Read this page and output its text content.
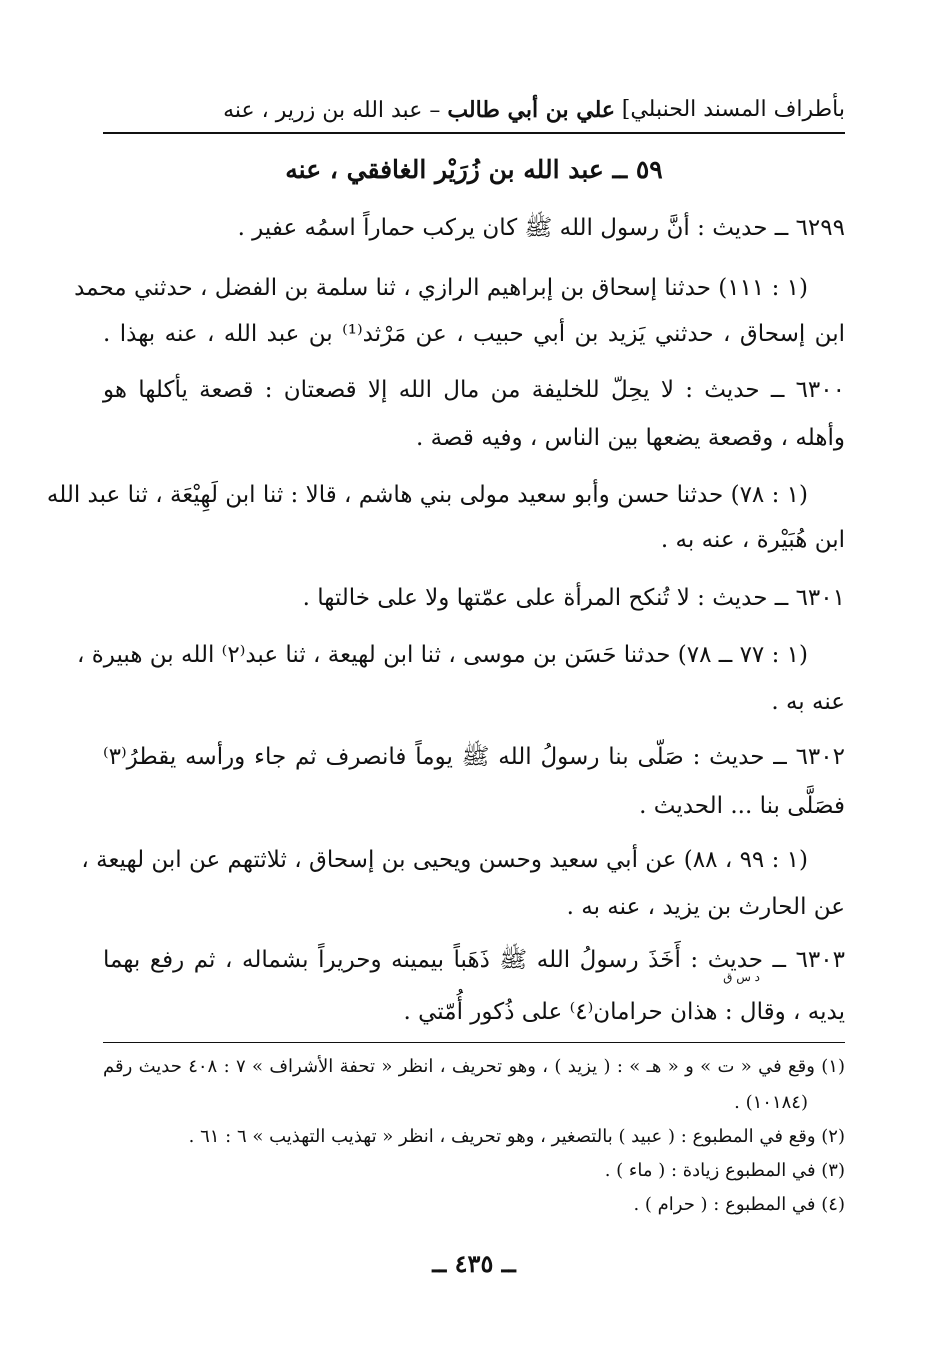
بأطراف المسند الحنبلي]
علي بن أبي طالب – عبد الله بن زرير ، عنه
٥٩ ــ عبد الله بن زُرَيْر الغافقي ، عنه
٦٢٩٩ ــ حديث : أنَّ رسول الله ﷺ كان يركب حماراً اسمُه عفير .
(١ : ١١١) حدثنا إسحاق بن إبراهيم الرازي ، ثنا سلمة بن الفضل ، حدثني محمد
ابن إسحاق ، حدثني يَزيد بن أبي حبيب ، عن مَرْثد⁽¹⁾ بن عبد الله ، عنه بهذا .
٦٣٠٠ ــ حديث : لا يحِلّ للخليفة من مال الله إلا قصعتان : قصعة يأكلها هو
وأهله ، وقصعة يضعها بين الناس ، وفيه قصة .
(١ : ٧٨) حدثنا حسن وأبو سعيد مولى بني هاشم ، قالا : ثنا ابن لَهِيْعَة ، ثنا عبد الله
ابن هُبَيْرة ، عنه به .
٦٣٠١ ــ حديث : لا تُنكح المرأة على عمّتها ولا على خالتها .
(١ : ٧٧ ــ ٧٨) حدثنا حَسَن بن موسى ، ثنا ابن لهيعة ، ثنا عبد⁽٢⁾ الله بن هبيرة ،
عنه به .
٦٣٠٢ ــ حديث : صَلّى بنا رسولُ الله ﷺ يوماً فانصرف ثم جاء ورأسه يقطرُ⁽٣⁾
فصَلَّى بنا ... الحديث .
(١ : ٩٩ ، ٨٨) عن أبي سعيد وحسن ويحيى بن إسحاق ، ثلاثتهم عن ابن لهيعة ،
عن الحارث بن يزيد ، عنه به .
٦٣٠٣ ــ حديث : أَخَذَ رسولُ الله ﷺ ذَهَباً بيمينه وحريراً بشماله ، ثم رفع بهما
يديه ، وقال : هذان حرامان⁽٤⁾ على ذُكور أُمّتي .
د س ق
(١) وقع في « ت » و « هـ » : ( يزيد ) ، وهو تحريف ، انظر « تحفة الأشراف » ٧ : ٤٠٨ حديث رقم
(١٠١٨٤) .
(٢) وقع في المطبوع : ( عبيد ) بالتصغير ، وهو تحريف ، انظر « تهذيب التهذيب » ٦ : ٦١ .
(٣) في المطبوع زيادة : ( ماء ) .
(٤) في المطبوع : ( حرام ) .
ــ ٤٣٥ ــ
